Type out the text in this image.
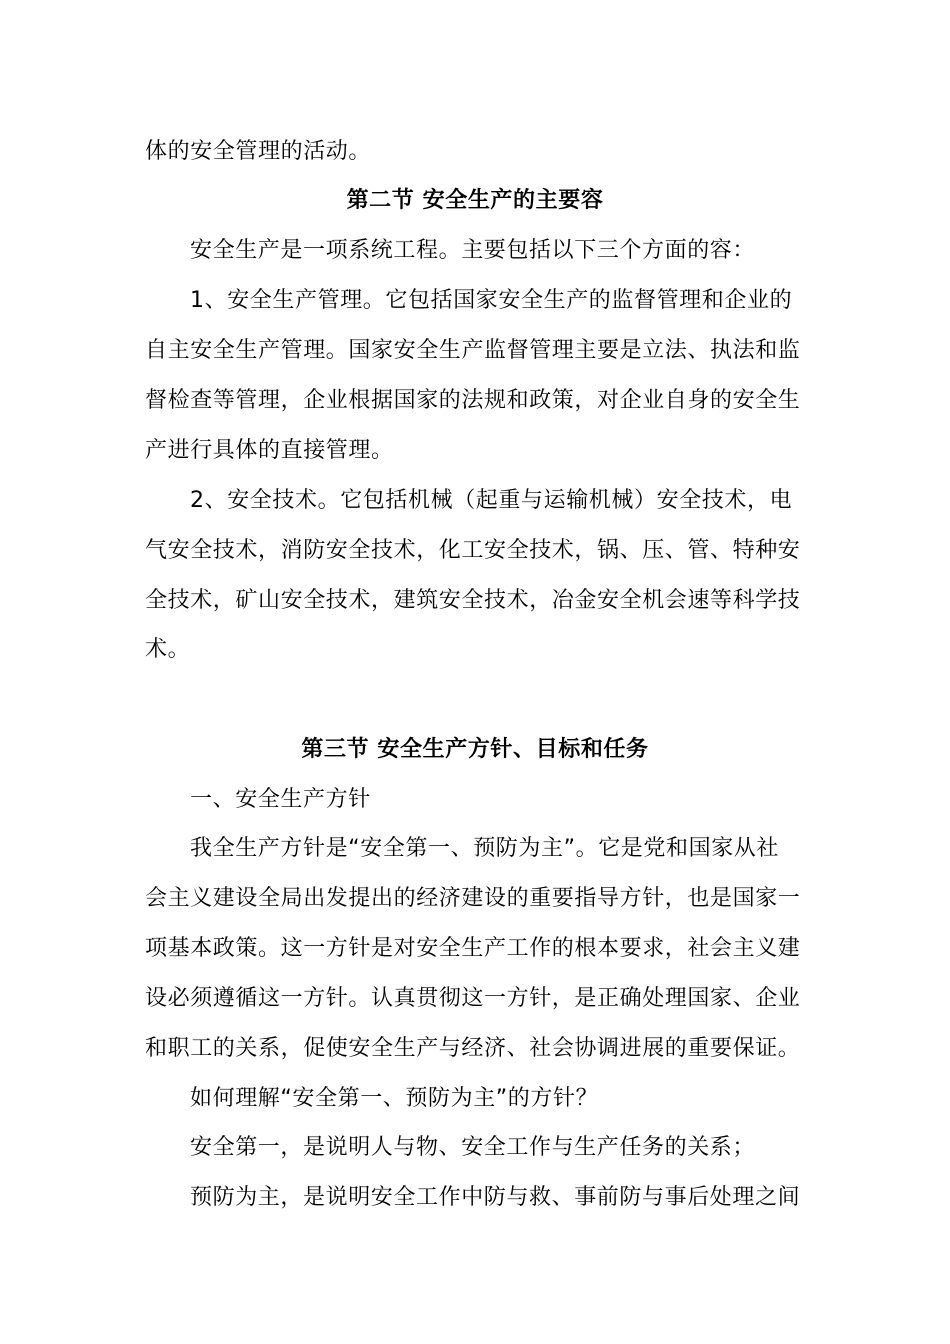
体的安全管理的活动。
第二节 安全生产的主要容
安全生产是一项系统工程。主要包括以下三个方面的容：
1、安全生产管理。它包括国家安全生产的监督管理和企业的
自主安全生产管理。国家安全生产监督管理主要是立法、执法和监
督检查等管理，企业根据国家的法规和政策，对企业自身的安全生
产进行具体的直接管理。
2、安全技术。它包括机械（起重与运输机械）安全技术，电
气安全技术，消防安全技术，化工安全技术，锅、压、管、特种安
全技术，矿山安全技术，建筑安全技术，冶金安全机会速等科学技
术。
第三节 安全生产方针、目标和任务
一、安全生产方针
我全生产方针是“安全第一、预防为主”。它是党和国家从社
会主义建设全局出发提出的经济建设的重要指导方针，也是国家一
项基本政策。这一方针是对安全生产工作的根本要求，社会主义建
设必须遵循这一方针。认真贯彻这一方针，是正确处理国家、企业
和职工的关系，促使安全生产与经济、社会协调进展的重要保证。
如何理解“安全第一、预防为主”的方针？
安全第一，是说明人与物、安全工作与生产任务的关系；
预防为主，是说明安全工作中防与救、事前防与事后处理之间
